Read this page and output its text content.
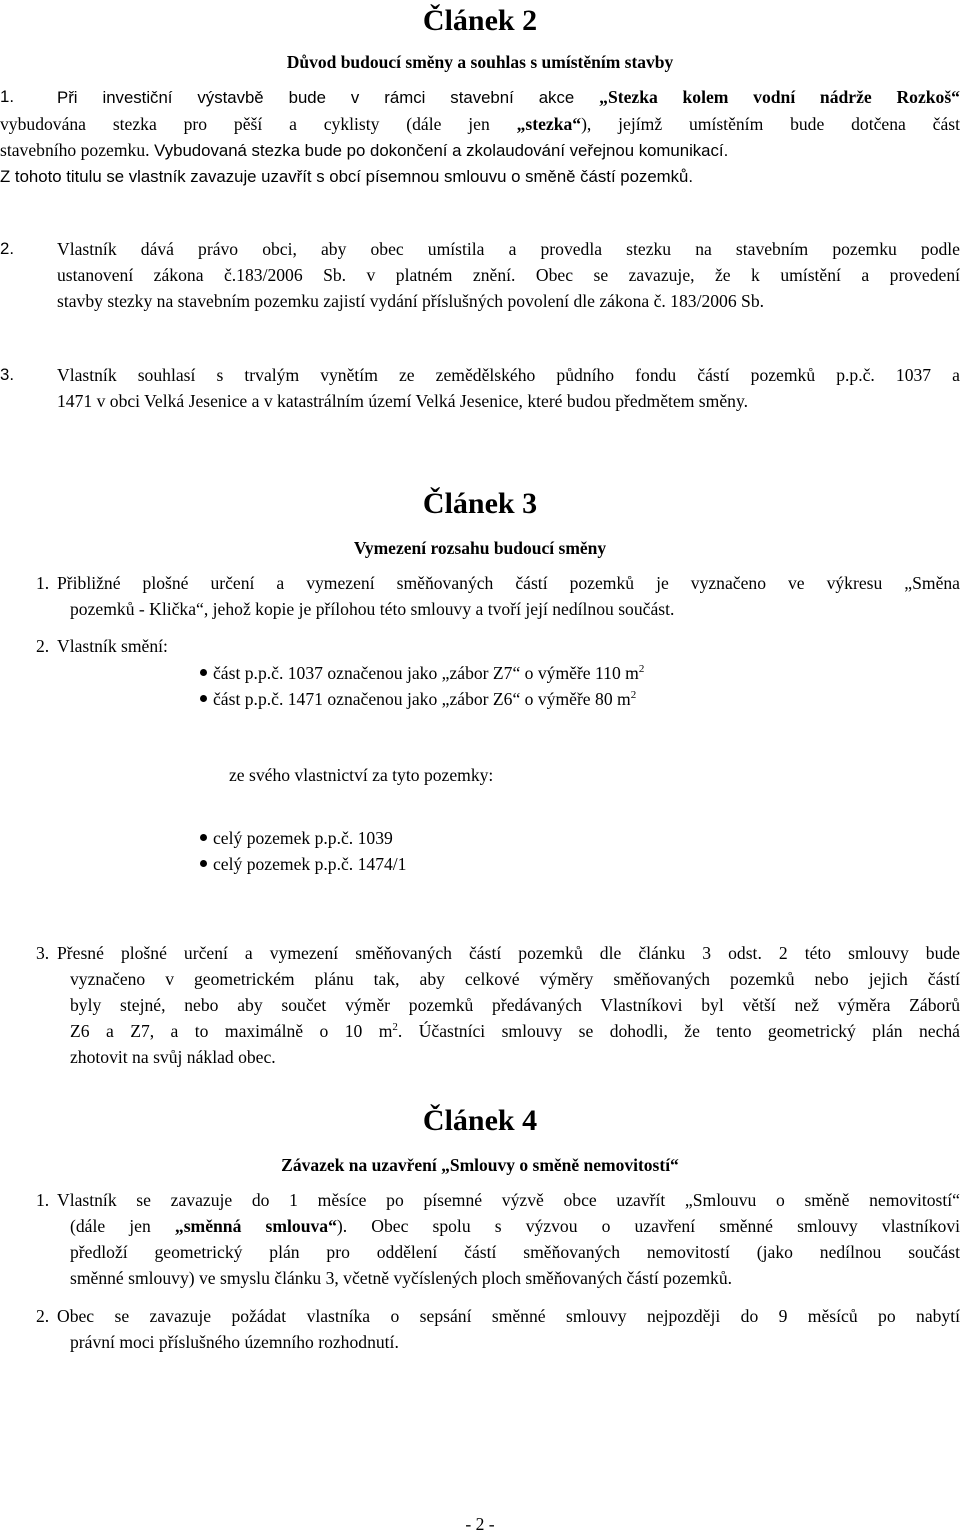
Článek 2
Důvod budoucí směny a souhlas s umístěním stavby
1.	Při investiční výstavbě bude v rámci stavební akce „Stezka kolem vodní nádrže Rozkoš“
vybudována stezka pro pěší a cyklisty (dále jen „stezka“), jejímž umístěním bude dotčena část
stavebního pozemku. Vybudovaná stezka bude po dokončení a zkolaudování veřejnou komunikací.
Z tohoto titulu se vlastník zavazuje uzavřít s obcí písemnou smlouvu o směně částí pozemků.
2. Vlastník dává právo obci, aby obec umístila a provedla stezku na stavebním pozemku podle
ustanovení zákona č.183/2006 Sb. v platném znění. Obec se zavazuje, že k umístění a provedení
stavby stezky na stavebním pozemku zajistí vydání příslušných povolení dle zákona č. 183/2006 Sb.
3. Vlastník souhlasí s trvalým vynětím ze zemědělského půdního fondu částí pozemků p.p.č. 1037 a
1471 v obci Velká Jesenice a v katastrálním území Velká Jesenice, které budou předmětem směny.
Článek 3
Vymezení rozsahu budoucí směny
1. Přibližné plošné určení a vymezení směňovaných částí pozemků je vyznačeno ve výkresu „Směna
pozemků - Klička“, jehož kopie je přílohou této smlouvy a tvoří její nedílnou součást.
2. Vlastník smění:
část p.p.č. 1037 označenou jako „zábor Z7“ o výměře 110 $m^2$
část p.p.č. 1471 označenou jako „zábor Z6“ o výměře 80 $m^2$
ze svého vlastnictví za tyto pozemky:
celý pozemek p.p.č. 1039
celý pozemek p.p.č. 1474/1
3. Přesné plošné určení a vymezení směňovaných částí pozemků dle článku 3 odst. 2 této smlouvy bude
vyznačeno v geometrickém plánu tak, aby celkové výměry směňovaných pozemků nebo jejich částí
byly stejné, nebo aby součet výměr pozemků předávaných Vlastníkovi byl větší než výměra Záborů
Z6 a Z7, a to maximálně o 10 $m^2$. Účastníci smlouvy se dohodli, že tento geometrický plán nechá
zhotovit na svůj náklad obec.
Článek 4
Závazek na uzavření „Smlouvy o směně nemovitostí“
1. Vlastník se zavazuje do 1 měsíce po písemné výzvě obce uzavřít „Smlouvu o směně nemovitostí“
(dále jen „směnná smlouva“). Obec spolu s výzvou o uzavření směnné smlouvy vlastníkovi
předloží geometrický plán pro oddělení částí směňovaných nemovitostí (jako nedílnou součást
směnné smlouvy) ve smyslu článku 3, včetně vyčíslených ploch směňovaných částí pozemků.
2. Obec se zavazuje požádat vlastníka o sepsání směnné smlouvy nejpozději do 9 měsíců po nabytí
právní moci příslušného územního rozhodnutí.
- 2 -
